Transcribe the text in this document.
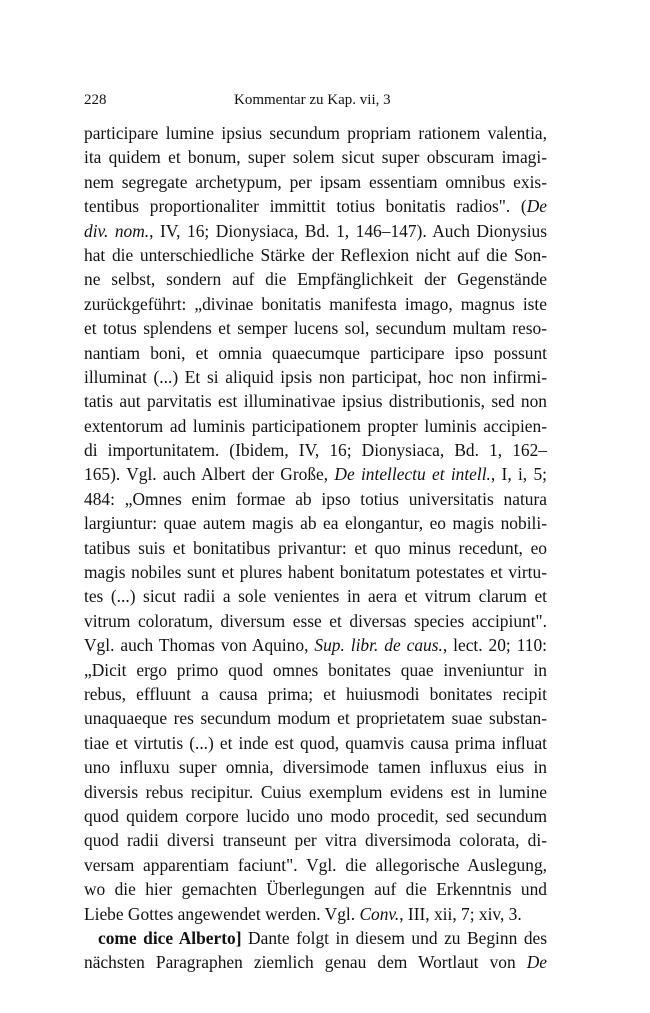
228	Kommentar zu Kap. vii, 3
participare lumine ipsius secundum propriam rationem valentia,
ita quidem et bonum, super solem sicut super obscuram imagi-
nem segregate archetypum, per ipsam essentiam omnibus exis-
tentibus proportionaliter immittit totius bonitatis radios". (De
div. nom., IV, 16; Dionysiaca, Bd. 1, 146–147). Auch Dionysius
hat die unterschiedliche Stärke der Reflexion nicht auf die Son-
ne selbst, sondern auf die Empfänglichkeit der Gegenstände
zurückgeführt: „divinae bonitatis manifesta imago, magnus iste
et totus splendens et semper lucens sol, secundum multam reso-
nantiam boni, et omnia quaecumque participare ipso possunt
illuminat (...) Et si aliquid ipsis non participat, hoc non infirmi-
tatis aut parvitatis est illuminativae ipsius distributionis, sed non
extentorum ad luminis participationem propter luminis accipien-
di importunitatem. (Ibidem, IV, 16; Dionysiaca, Bd. 1, 162–
165). Vgl. auch Albert der Große, De intellectu et intell., I, i, 5;
484: „Omnes enim formae ab ipso totius universitatis natura
largiuntur: quae autem magis ab ea elongantur, eo magis nobili-
tatibus suis et bonitatibus privantur: et quo minus recedunt, eo
magis nobiles sunt et plures habent bonitatum potestates et virtu-
tes (...) sicut radii a sole venientes in aera et vitrum clarum et
vitrum coloratum, diversum esse et diversas species accipiunt".
Vgl. auch Thomas von Aquino, Sup. libr. de caus., lect. 20; 110:
„Dicit ergo primo quod omnes bonitates quae inveniuntur in
rebus, effluunt a causa prima; et huiusmodi bonitates recipit
unaquaeque res secundum modum et proprietatem suae substan-
tiae et virtutis (...) et inde est quod, quamvis causa prima influat
uno influxu super omnia, diversimode tamen influxus eius in
diversis rebus recipitur. Cuius exemplum evidens est in lumine
quod quidem corpore lucido uno modo procedit, sed secundum
quod radii diversi transeunt per vitra diversimoda colorata, di-
versam apparentiam faciunt". Vgl. die allegorische Auslegung,
wo die hier gemachten Überlegungen auf die Erkenntnis und
Liebe Gottes angewendet werden. Vgl. Conv., III, xii, 7; xiv, 3.
come dice Alberto] Dante folgt in diesem und zu Beginn des
nächsten Paragraphen ziemlich genau dem Wortlaut von De
